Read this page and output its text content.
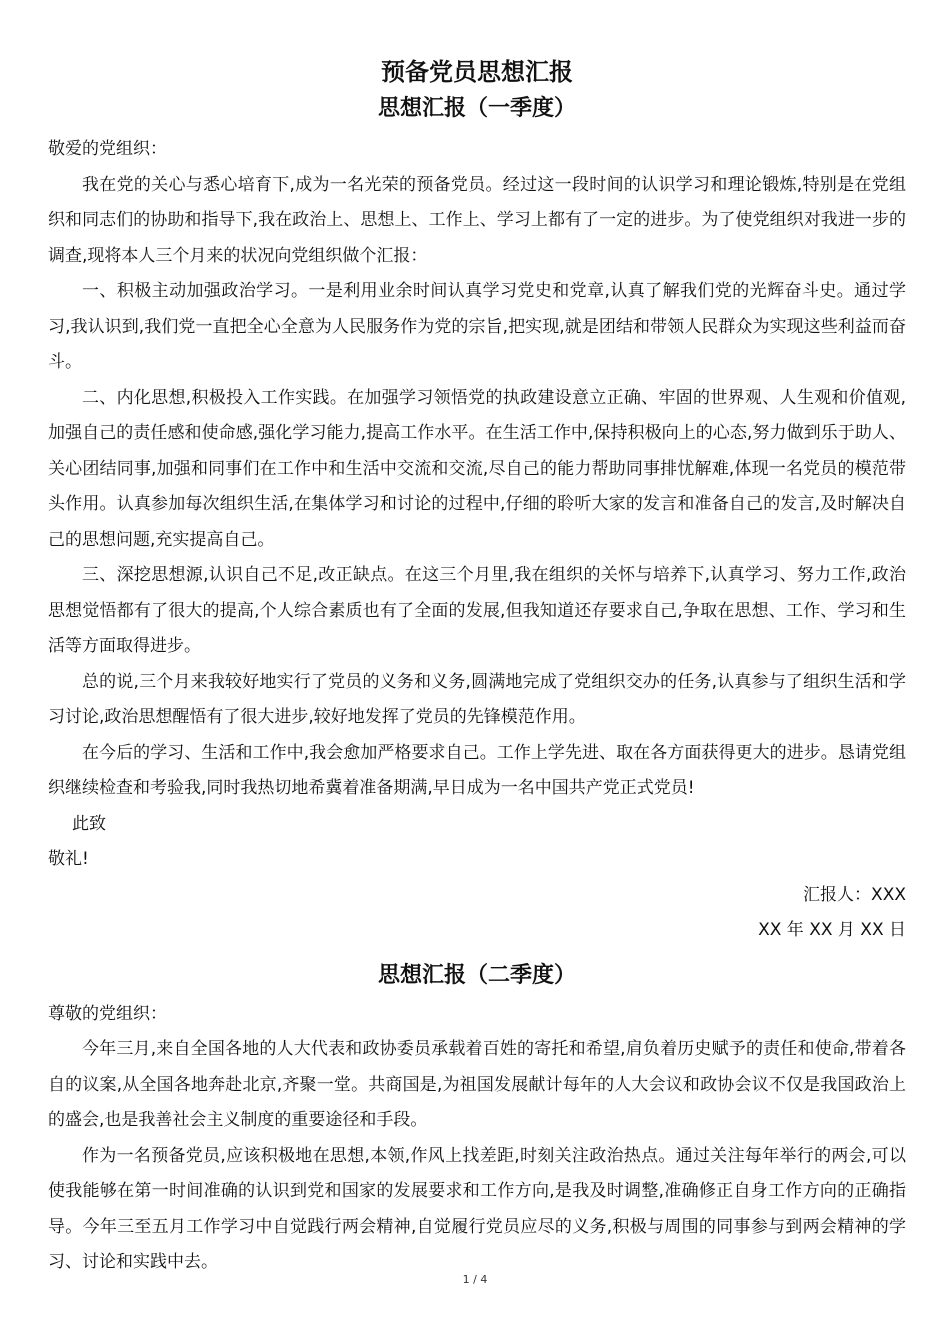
预备党员思想汇报
思想汇报（一季度）

敬爱的党组织：

我在党的关心与悉心培育下,成为一名光荣的预备党员。经过这一段时间的认识学习和理论锻炼,特别是在党组织和同志们的协助和指导下,我在政治上、思想上、工作上、学习上都有了一定的进步。为了使党组织对我进一步的调查,现将本人三个月来的状况向党组织做个汇报：

一、积极主动加强政治学习。一是利用业余时间认真学习党史和党章,认真了解我们党的光辉奋斗史。通过学习,我认识到,我们党一直把全心全意为人民服务作为党的宗旨,把实现,就是团结和带领人民群众为实现这些利益而奋斗。

二、内化思想,积极投入工作实践。在加强学习领悟党的执政建设意立正确、牢固的世界观、人生观和价值观,加强自己的责任感和使命感,强化学习能力,提高工作水平。在生活工作中,保持积极向上的心态,努力做到乐于助人、关心团结同事,加强和同事们在工作中和生活中交流和交流,尽自己的能力帮助同事排忧解难,体现一名党员的模范带头作用。认真参加每次组织生活,在集体学习和讨论的过程中,仔细的聆听大家的发言和准备自己的发言,及时解决自己的思想问题,充实提高自己。

三、深挖思想源,认识自己不足,改正缺点。在这三个月里,我在组织的关怀与培养下,认真学习、努力工作,政治思想觉悟都有了很大的提高,个人综合素质也有了全面的发展,但我知道还存要求自己,争取在思想、工作、学习和生活等方面取得进步。

总的说,三个月来我较好地实行了党员的义务和义务,圆满地完成了党组织交办的任务,认真参与了组织生活和学习讨论,政治思想醒悟有了很大进步,较好地发挥了党员的先锋模范作用。

在今后的学习、生活和工作中,我会愈加严格要求自己。工作上学先进、取在各方面获得更大的进步。恳请党组织继续检查和考验我,同时我热切地希冀着准备期满,早日成为一名中国共产党正式党员!

此致

敬礼!

汇报人：XXX

XX 年 XX 月 XX 日

思想汇报（二季度）

尊敬的党组织：

今年三月,来自全国各地的人大代表和政协委员承载着百姓的寄托和希望,肩负着历史赋予的责任和使命,带着各自的议案,从全国各地奔赴北京,齐聚一堂。共商国是,为祖国发展献计每年的人大会议和政协会议不仅是我国政治上的盛会,也是我善社会主义制度的重要途径和手段。

作为一名预备党员,应该积极地在思想,本领,作风上找差距,时刻关注政治热点。通过关注每年举行的两会,可以使我能够在第一时间准确的认识到党和国家的发展要求和工作方向,是我及时调整,准确修正自身工作方向的正确指导。今年三至五月工作学习中自觉践行两会精神,自觉履行党员应尽的义务,积极与周围的同事参与到两会精神的学习、讨论和实践中去。

1 / 4
